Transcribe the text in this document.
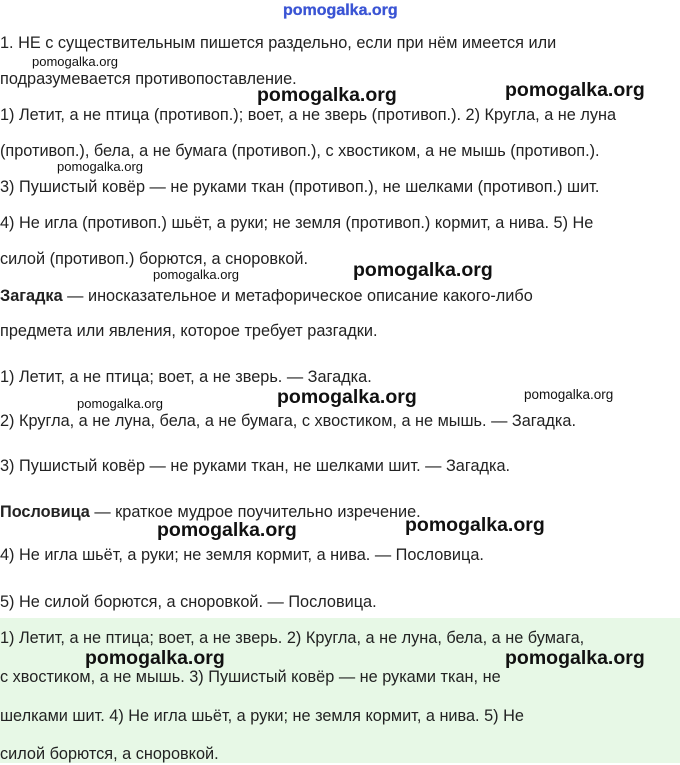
1. НЕ с существительным пишется раздельно, если при нём имеется или
подразумевается противопоставление.
1) Летит, а не птица (противоп.); воет, а не зверь (противоп.). 2) Кругла, а не луна
(противоп.), бела, а не бумага (противоп.), с хвостиком, а не мышь (противоп.).
3) Пушистый ковёр — не руками ткан (противоп.), не шелками (противоп.) шит.
4) Не игла (противоп.) шьёт, а руки; не земля (противоп.) кормит, а нива. 5) Не
силой (противоп.) борются, а сноровкой.
Загадка — иносказательное и метафорическое описание какого-либо
предмета или явления, которое требует разгадки.
1) Летит, а не птица; воет, а не зверь. — Загадка.
2) Кругла, а не луна, бела, а не бумага, с хвостиком, а не мышь. — Загадка.
3) Пушистый ковёр — не руками ткан, не шелками шит. — Загадка.
Пословица — краткое мудрое поучительно изречение.
4) Не игла шьёт, а руки; не земля кормит, а нива. — Пословица.
5) Не силой борются, а сноровкой. — Пословица.
1) Летит, а не птица; воет, а не зверь. 2) Кругла, а не луна, бела, а не бумага,
с хвостиком, а не мышь. 3) Пушистый ковёр — не руками ткан, не
шелками шит. 4) Не игла шьёт, а руки; не земля кормит, а нива. 5) Не
силой борются, а сноровкой.
pomogalka.org
pomogalka.org
pomogalka.org	pomogalka.org
pomogalka.org
pomogalka.org	pomogalka.org
pomogalka.org	pomogalka.org	pomogalka.org
pomogalka.org	pomogalka.org
pomogalka.org	pomogalka.org
